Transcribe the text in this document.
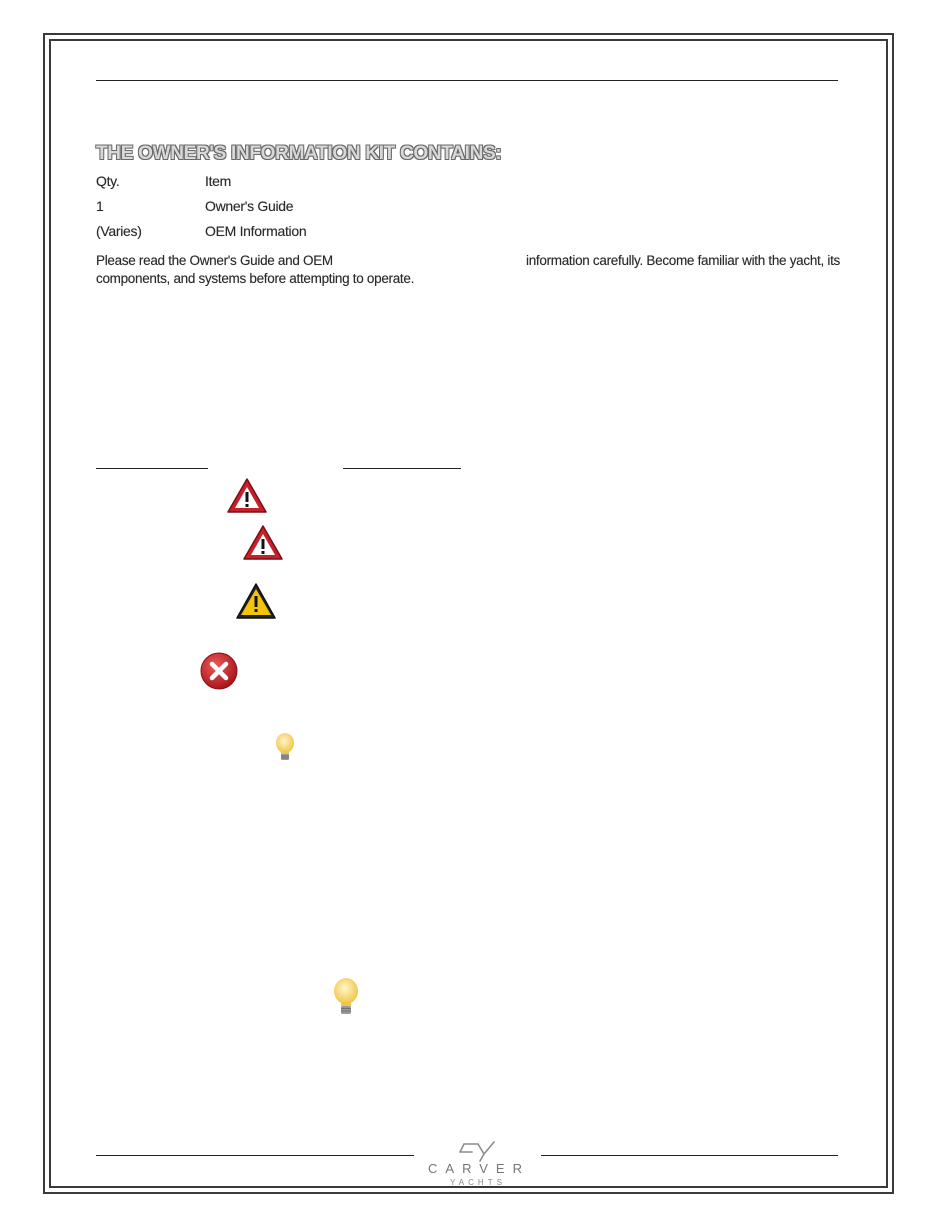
THE OWNER'S INFORMATION KIT CONTAINS:
Qty.	Item
1	Owner's Guide
(Varies)	OEM Information
Please read the Owner's Guide and OEM	information carefully. Become familiar with the yacht, its
components, and systems before attempting to operate.
CARVER
YACHTS
